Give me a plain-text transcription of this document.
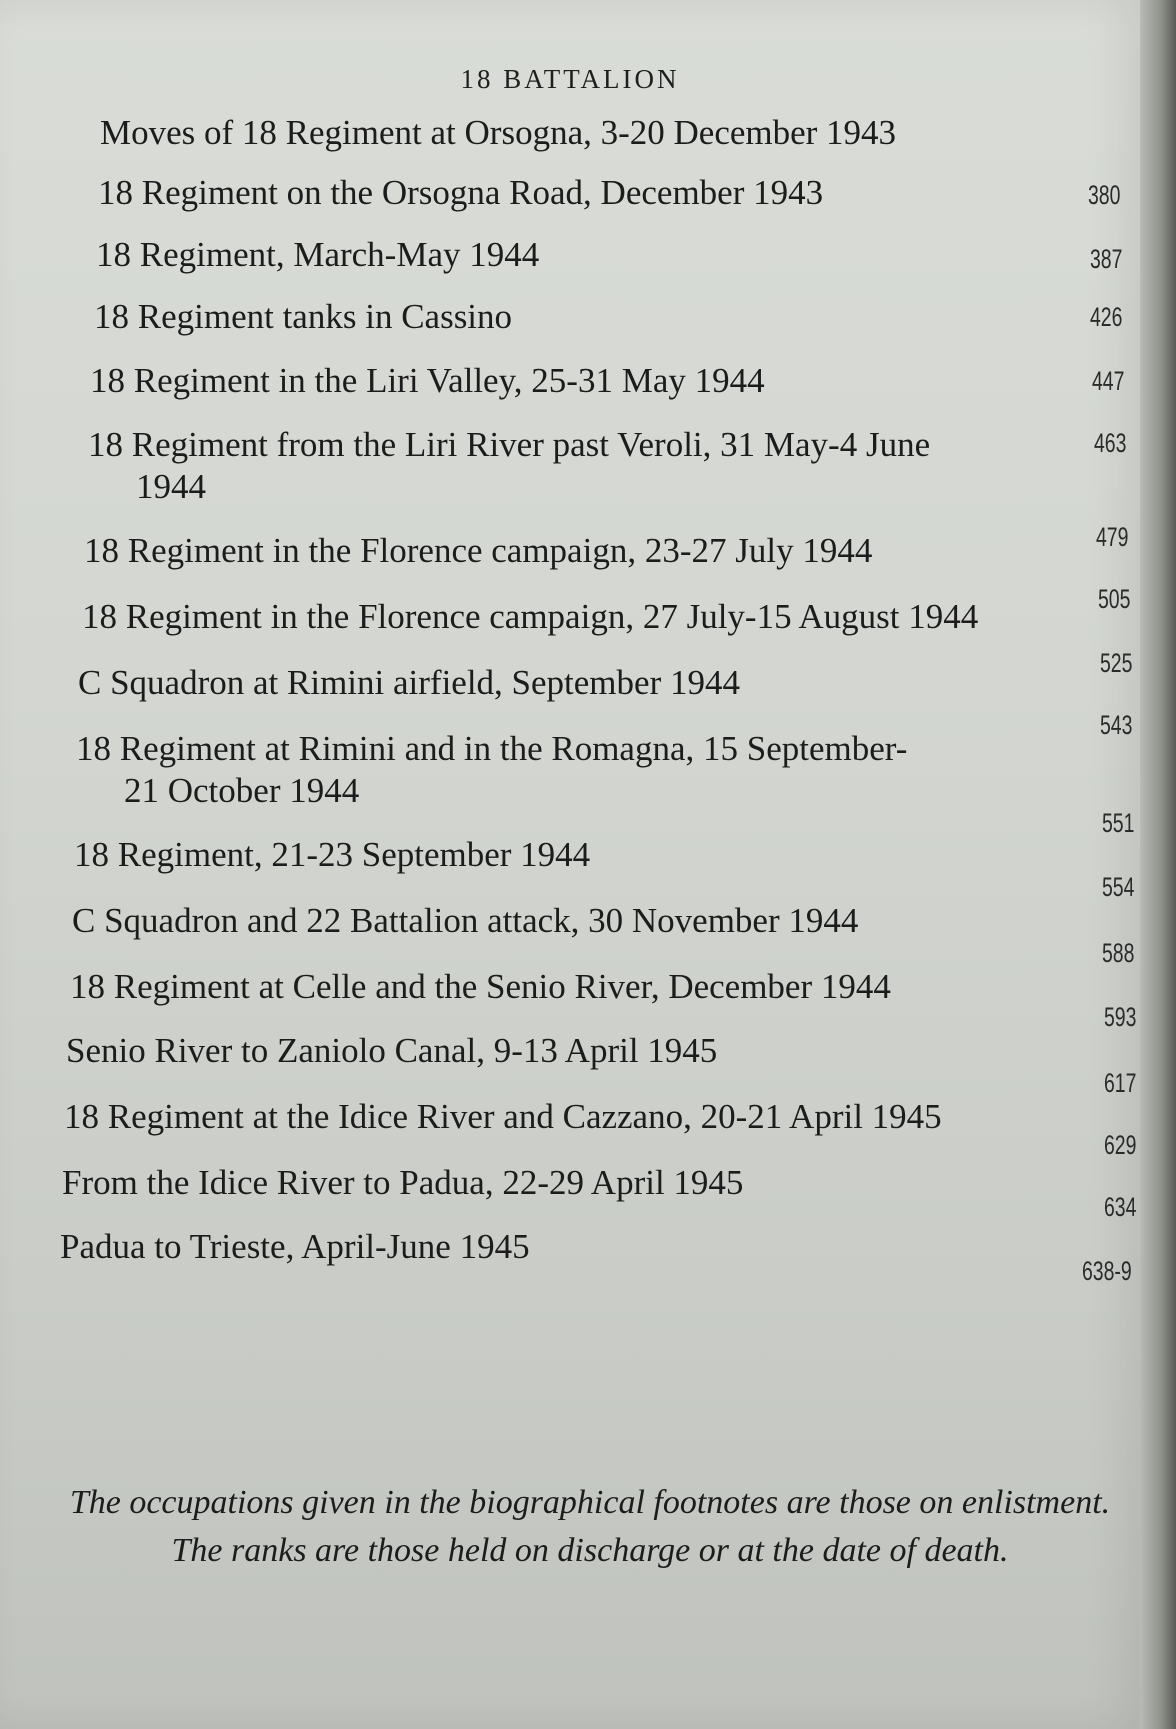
18 BATTALION
Moves of 18 Regiment at Orsogna, 3-20 December 1943
380
18 Regiment on the Orsogna Road, December 1943
387
18 Regiment, March-May 1944
426
18 Regiment tanks in Cassino
447
18 Regiment in the Liri Valley, 25-31 May 1944
463
18 Regiment from the Liri River past Veroli, 31 May-4 June
1944
479
18 Regiment in the Florence campaign, 23-27 July 1944
505
18 Regiment in the Florence campaign, 27 July-15 August 1944
525
C Squadron at Rimini airfield, September 1944
543
18 Regiment at Rimini and in the Romagna, 15 September-
21 October 1944
551
18 Regiment, 21-23 September 1944
554
C Squadron and 22 Battalion attack, 30 November 1944
588
18 Regiment at Celle and the Senio River, December 1944
593
Senio River to Zaniolo Canal, 9-13 April 1945
617
18 Regiment at the Idice River and Cazzano, 20-21 April 1945
629
From the Idice River to Padua, 22-29 April 1945
634
Padua to Trieste, April-June 1945
638-9
The occupations given in the biographical footnotes are those on enlistment.
The ranks are those held on discharge or at the date of death.
